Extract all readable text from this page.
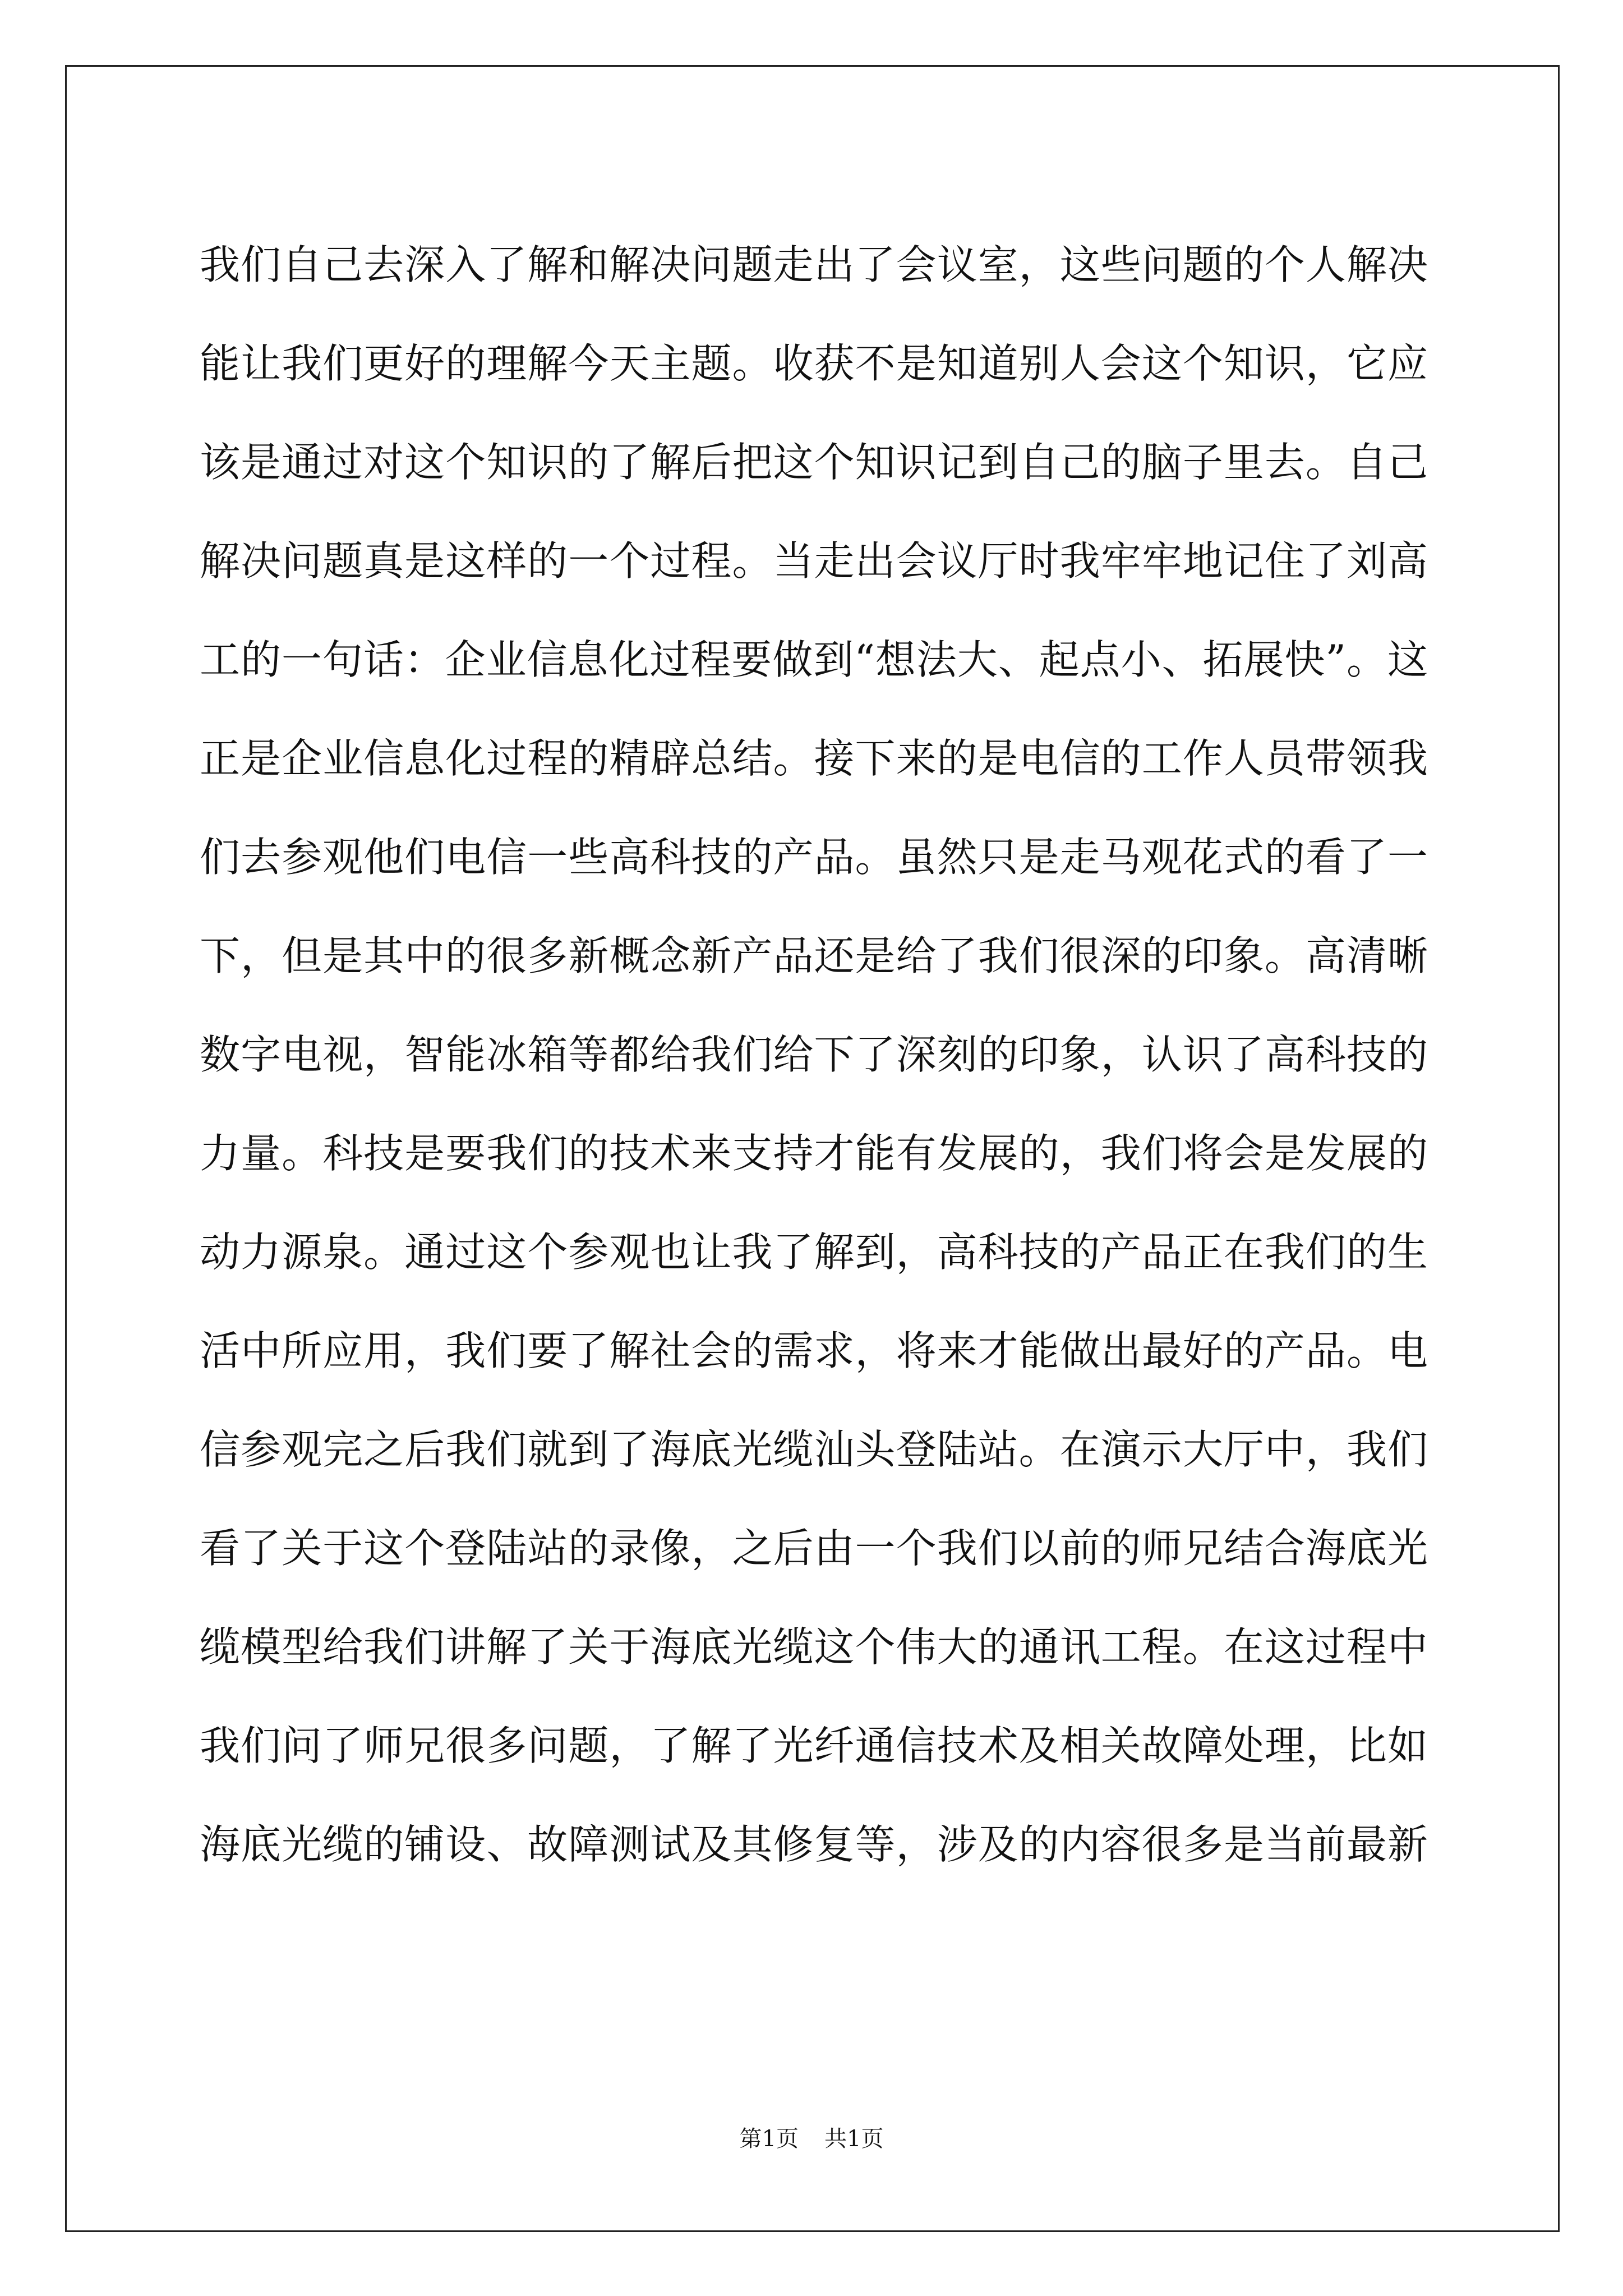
我们自己去深入了解和解决问题走出了会议室，这些问题的个人解决
能让我们更好的理解今天主题。收获不是知道别人会这个知识，它应
该是通过对这个知识的了解后把这个知识记到自己的脑子里去。自己
解决问题真是这样的一个过程。当走出会议厅时我牢牢地记住了刘高
工的一句话：企业信息化过程要做到“想法大、起点小、拓展快”。这
正是企业信息化过程的精辟总结。接下来的是电信的工作人员带领我
们去参观他们电信一些高科技的产品。虽然只是走马观花式的看了一
下，但是其中的很多新概念新产品还是给了我们很深的印象。高清晰
数字电视，智能冰箱等都给我们给下了深刻的印象，认识了高科技的
力量。科技是要我们的技术来支持才能有发展的，我们将会是发展的
动力源泉。通过这个参观也让我了解到，高科技的产品正在我们的生
活中所应用，我们要了解社会的需求，将来才能做出最好的产品。电
信参观完之后我们就到了海底光缆汕头登陆站。在演示大厅中，我们
看了关于这个登陆站的录像，之后由一个我们以前的师兄结合海底光
缆模型给我们讲解了关于海底光缆这个伟大的通讯工程。在这过程中
我们问了师兄很多问题，了解了光纤通信技术及相关故障处理，比如
海底光缆的铺设、故障测试及其修复等，涉及的内容很多是当前最新
第1页 共1页
